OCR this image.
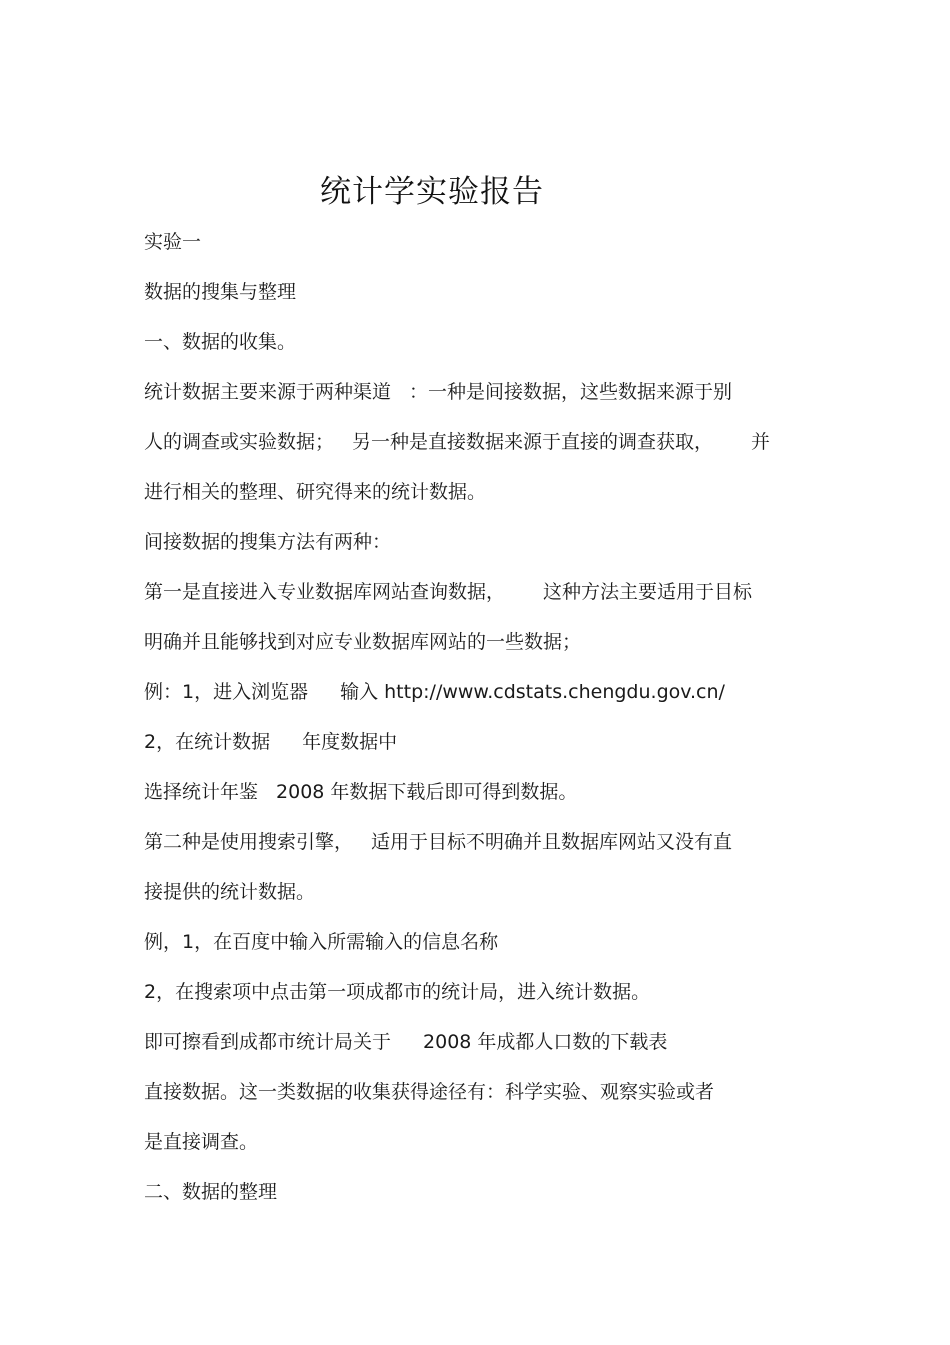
统计学实验报告
实验一
数据的搜集与整理
一、数据的收集。
统计数据主要来源于两种渠道 ：一种是间接数据，这些数据来源于别
人的调查或实验数据； 另一种是直接数据来源于直接的调查获取， 并
进行相关的整理、研究得来的统计数据。
间接数据的搜集方法有两种：
第一是直接进入专业数据库网站查询数据， 这种方法主要适用于目标
明确并且能够找到对应专业数据库网站的一些数据；
例：1，进入浏览器 输入 http://www.cdstats.chengdu.gov.cn/
2，在统计数据 年度数据中
选择统计年鉴 2008 年数据下载后即可得到数据。
第二种是使用搜索引擎， 适用于目标不明确并且数据库网站又没有直
接提供的统计数据。
例，1，在百度中输入所需输入的信息名称
2，在搜索项中点击第一项成都市的统计局，进入统计数据。
即可擦看到成都市统计局关于 2008 年成都人口数的下载表
直接数据。这一类数据的收集获得途径有：科学实验、观察实验或者
是直接调查。
二、数据的整理
